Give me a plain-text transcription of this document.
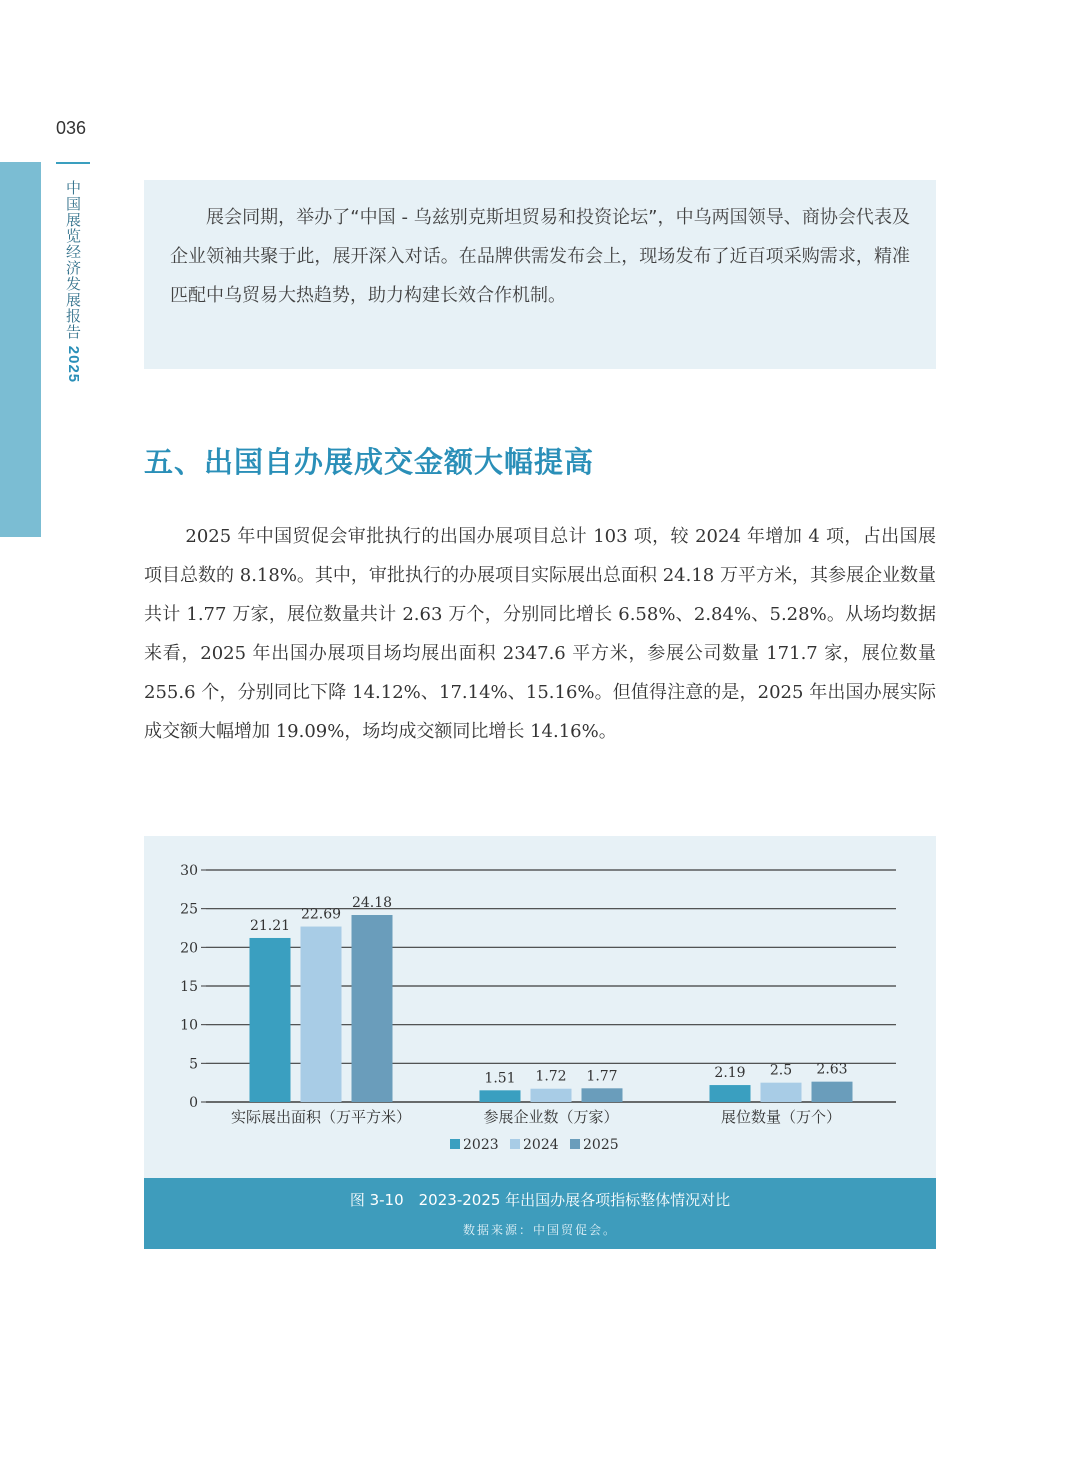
036
中国展览经济发展报告 2025

展会同期，举办了“中国 - 乌兹别克斯坦贸易和投资论坛”，中乌两国领导、商协会代表及企业领袖共聚于此，展开深入对话。在品牌供需发布会上，现场发布了近百项采购需求，精准匹配中乌贸易大热趋势，助力构建长效合作机制。

五、出国自办展成交金额大幅提高

2025 年中国贸促会审批执行的出国办展项目总计 103 项，较 2024 年增加 4 项，占出国展项目总数的 8.18%。其中，审批执行的办展项目实际展出总面积 24.18 万平方米，其参展企业数量共计 1.77 万家，展位数量共计 2.63 万个，分别同比增长 6.58%、2.84%、5.28%。从场均数据来看，2025 年出国办展项目场均展出面积 2347.6 平方米，参展公司数量 171.7 家，展位数量 255.6 个，分别同比下降 14.12%、17.14%、15.16%。但值得注意的是，2025 年出国办展实际成交额大幅增加 19.09%，场均成交额同比增长 14.16%。

0
5
10
15
20
25
30
21.21
22.69
24.18
实际展出面积（万平方米）
1.51 1.72 1.77
参展企业数（万家）
2.19 2.5 2.63
展位数量（万个）
2023 2024 2025
图 3-10　2023-2025 年出国办展各项指标整体情况对比
数据来源：中国贸促会。
